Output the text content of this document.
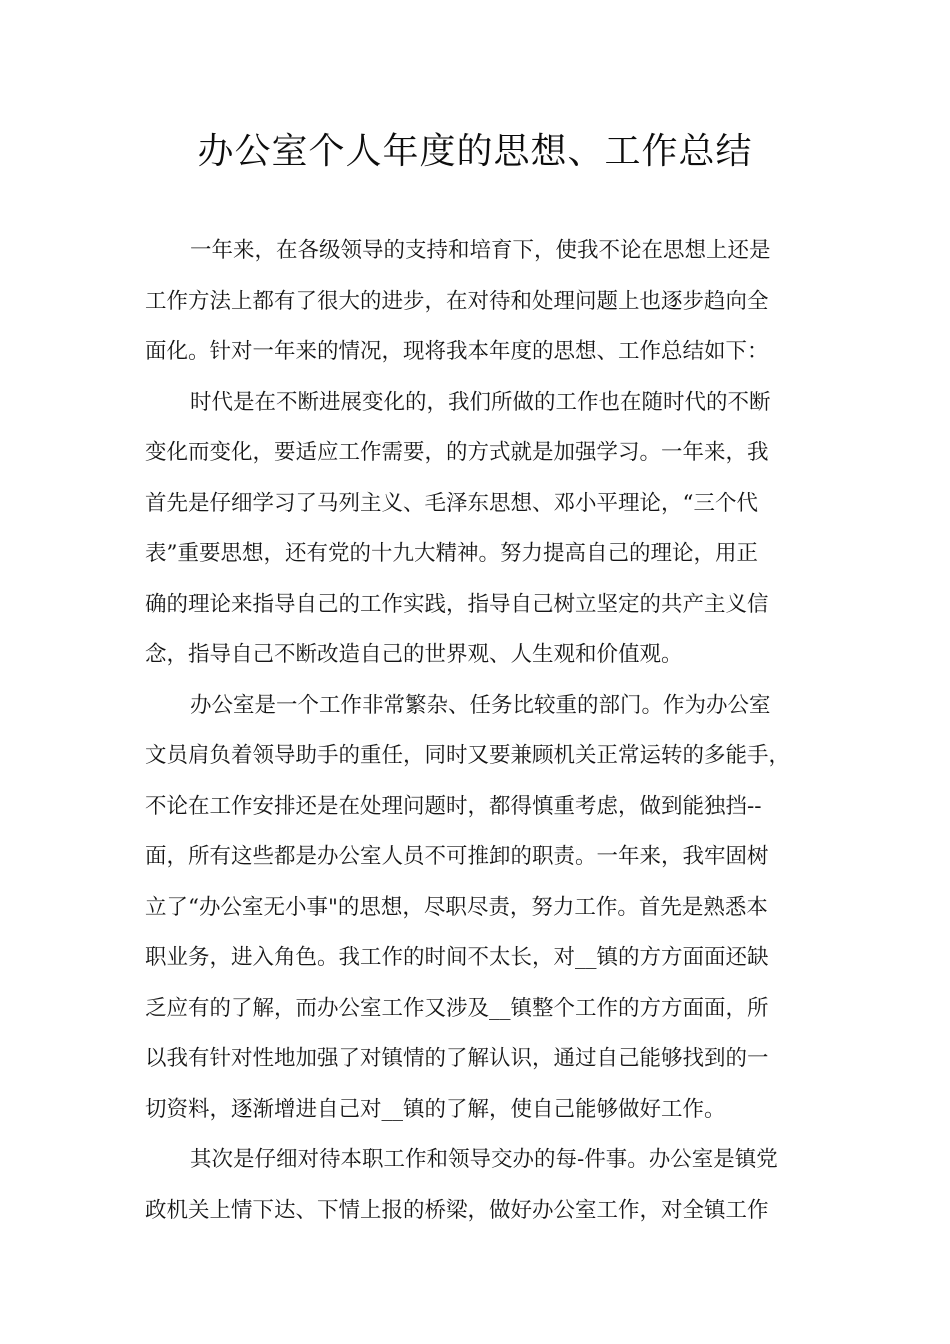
办公室个人年度的思想、工作总结
一年来，在各级领导的支持和培育下，使我不论在思想上还是
工作方法上都有了很大的进步，在对待和处理问题上也逐步趋向全
面化。针对一年来的情况，现将我本年度的思想、工作总结如下：
时代是在不断进展变化的，我们所做的工作也在随时代的不断
变化而变化，要适应工作需要，的方式就是加强学习。一年来，我
首先是仔细学习了马列主义、毛泽东思想、邓小平理论，“三个代
表”重要思想，还有党的十九大精神。努力提高自己的理论，用正
确的理论来指导自己的工作实践，指导自己树立坚定的共产主义信
念，指导自己不断改造自己的世界观、人生观和价值观。
办公室是一个工作非常繁杂、任务比较重的部门。作为办公室
文员肩负着领导助手的重任，同时又要兼顾机关正常运转的多能手，
不论在工作安排还是在处理问题时，都得慎重考虑，做到能独挡--
面，所有这些都是办公室人员不可推卸的职责。一年来，我牢固树
立了“办公室无小事"的思想，尽职尽责，努力工作。首先是熟悉本
职业务，进入角色。我工作的时间不太长，对__镇的方方面面还缺
乏应有的了解，而办公室工作又涉及__镇整个工作的方方面面，所
以我有针对性地加强了对镇情的了解认识，通过自己能够找到的一
切资料，逐渐增进自己对__镇的了解，使自己能够做好工作。
其次是仔细对待本职工作和领导交办的每-件事。办公室是镇党
政机关上情下达、下情上报的桥梁，做好办公室工作，对全镇工作
